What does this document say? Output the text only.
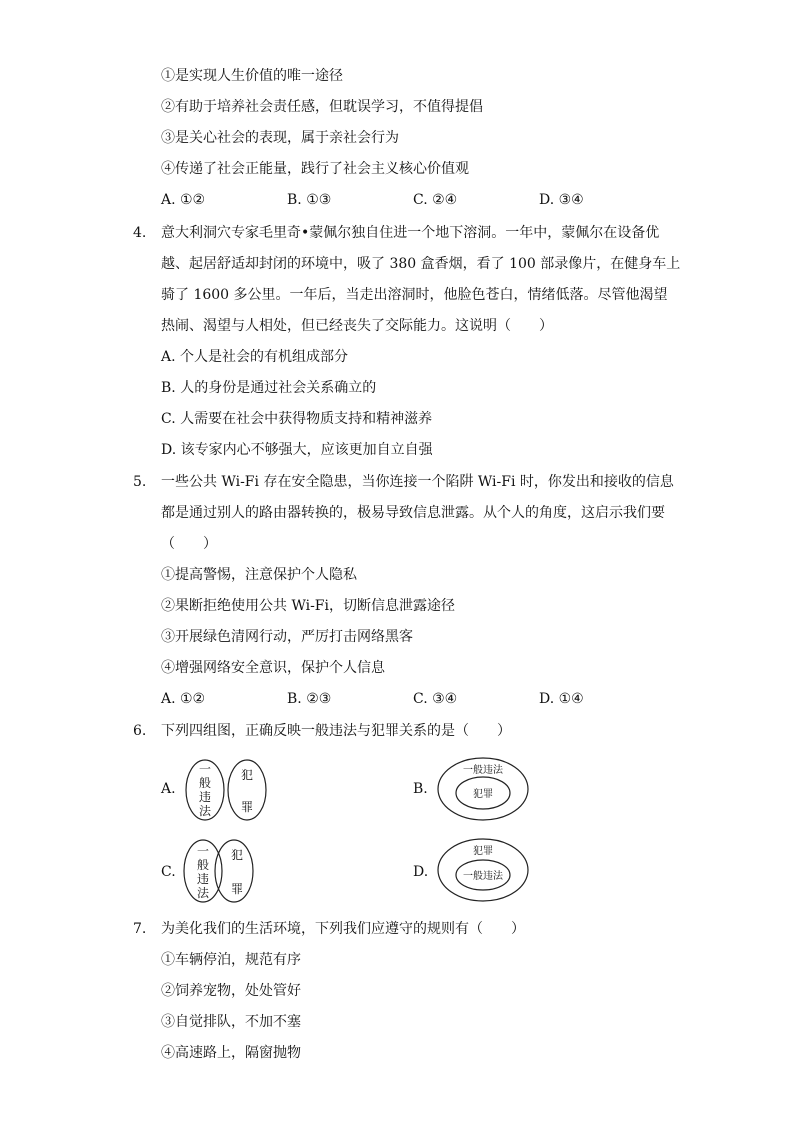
①是实现人生价值的唯一途径
②有助于培养社会责任感，但耽误学习，不值得提倡
③是关心社会的表现，属于亲社会行为
④传递了社会正能量，践行了社会主义核心价值观
A. ①②	B. ①③	C. ②④	D. ③④
4. 意大利洞穴专家毛里奇•蒙佩尔独自住进一个地下溶洞。一年中，蒙佩尔在设备优
越、起居舒适却封闭的环境中，吸了 380 盒香烟，看了 100 部录像片，在健身车上
骑了 1600 多公里。一年后，当走出溶洞时，他脸色苍白，情绪低落。尽管他渴望
热闹、渴望与人相处，但已经丧失了交际能力。这说明（　　）
A. 个人是社会的有机组成部分
B. 人的身份是通过社会关系确立的
C. 人需要在社会中获得物质支持和精神滋养
D. 该专家内心不够强大，应该更加自立自强
5. 一些公共 Wi-Fi 存在安全隐患，当你连接一个陷阱 Wi-Fi 时，你发出和接收的信息
都是通过别人的路由器转换的，极易导致信息泄露。从个人的角度，这启示我们要
（　　）
①提高警惕，注意保护个人隐私
②果断拒绝使用公共 Wi-Fi，切断信息泄露途径
③开展绿色清网行动，严厉打击网络黑客
④增强网络安全意识，保护个人信息
A. ①②	B. ②③	C. ③④	D. ①④
6. 下列四组图，正确反映一般违法与犯罪关系的是（　　）
A.
一
般
违
法
犯
罪
B.
一般违法
犯罪
C.
一
般
违
法
犯
罪
D.
犯罪
一般违法
7. 为美化我们的生活环境，下列我们应遵守的规则有（　　）
①车辆停泊，规范有序
②饲养宠物，处处管好
③自觉排队，不加不塞
④高速路上，隔窗抛物
